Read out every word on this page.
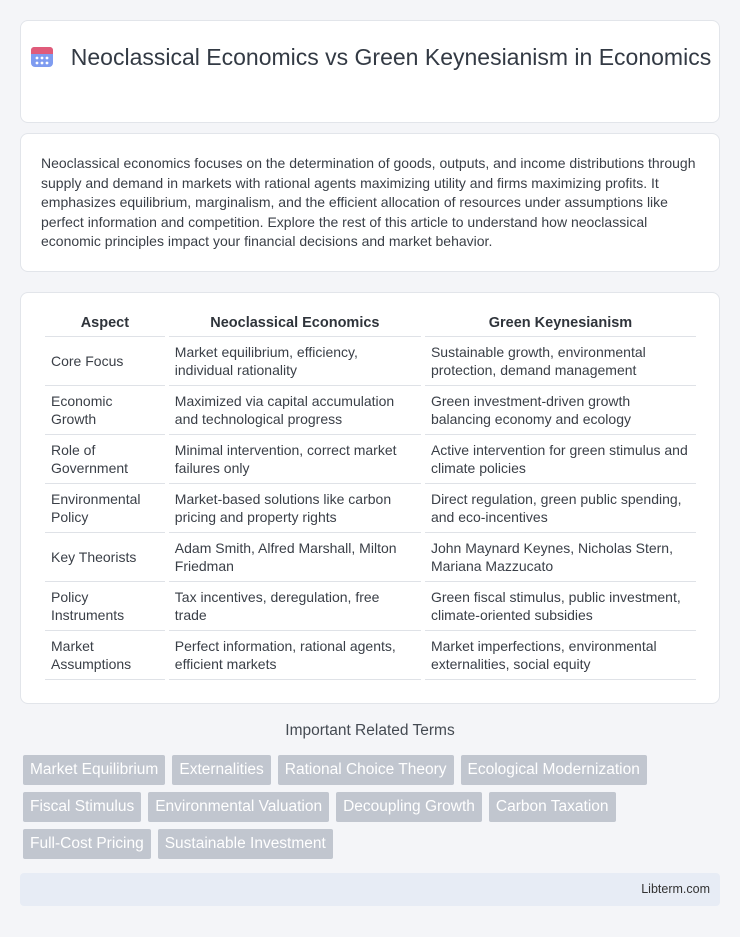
Neoclassical Economics vs Green Keynesianism in Economics

Neoclassical economics focuses on the determination of goods, outputs, and income distributions through supply and demand in markets with rational agents maximizing utility and firms maximizing profits. It emphasizes equilibrium, marginalism, and the efficient allocation of resources under assumptions like perfect information and competition. Explore the rest of this article to understand how neoclassical economic principles impact your financial decisions and market behavior.

Aspect	Neoclassical Economics	Green Keynesianism
Core Focus	Market equilibrium, efficiency, individual rationality	Sustainable growth, environmental protection, demand management
Economic Growth	Maximized via capital accumulation and technological progress	Green investment-driven growth balancing economy and ecology
Role of Government	Minimal intervention, correct market failures only	Active intervention for green stimulus and climate policies
Environmental Policy	Market-based solutions like carbon pricing and property rights	Direct regulation, green public spending, and eco-incentives
Key Theorists	Adam Smith, Alfred Marshall, Milton Friedman	John Maynard Keynes, Nicholas Stern, Mariana Mazzucato
Policy Instruments	Tax incentives, deregulation, free trade	Green fiscal stimulus, public investment, climate-oriented subsidies
Market Assumptions	Perfect information, rational agents, efficient markets	Market imperfections, environmental externalities, social equity
Important Related Terms
Market Equilibrium	Externalities	Rational Choice Theory	Ecological Modernization
Fiscal Stimulus	Environmental Valuation	Decoupling Growth	Carbon Taxation
Full-Cost Pricing	Sustainable Investment
Libterm.com
